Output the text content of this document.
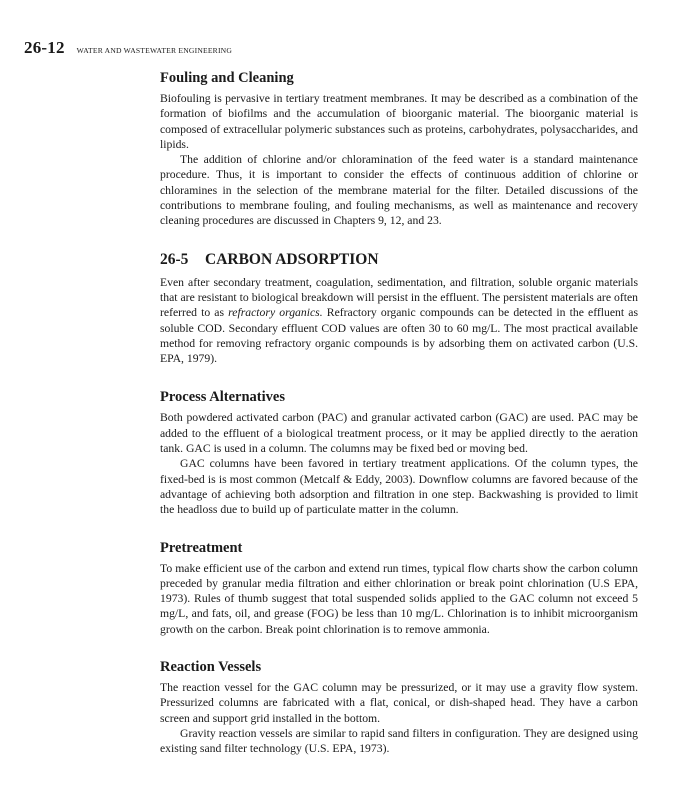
26-12 WATER AND WASTEWATER ENGINEERING
Fouling and Cleaning

Biofouling is pervasive in tertiary treatment membranes. It may be described as a combination of the formation of biofilms and the accumulation of bioorganic material. The bioorganic material is composed of extracellular polymeric substances such as proteins, carbohydrates, polysaccharides, and lipids.

The addition of chlorine and/or chloramination of the feed water is a standard maintenance procedure. Thus, it is important to consider the effects of continuous addition of chlorine or chloramines in the selection of the membrane material for the filter. Detailed discussions of the contributions to membrane fouling, and fouling mechanisms, as well as maintenance and recovery cleaning procedures are discussed in Chapters 9, 12, and 23.

26-5	CARBON ADSORPTION

Even after secondary treatment, coagulation, sedimentation, and filtration, soluble organic materials that are resistant to biological breakdown will persist in the effluent. The persistent materials are often referred to as refractory organics. Refractory organic compounds can be detected in the effluent as soluble COD. Secondary effluent COD values are often 30 to 60 mg/L. The most practical available method for removing refractory organic compounds is by adsorbing them on activated carbon (U.S. EPA, 1979).

Process Alternatives

Both powdered activated carbon (PAC) and granular activated carbon (GAC) are used. PAC may be added to the effluent of a biological treatment process, or it may be applied directly to the aeration tank. GAC is used in a column. The columns may be fixed bed or moving bed.

GAC columns have been favored in tertiary treatment applications. Of the column types, the fixed-bed is is most common (Metcalf & Eddy, 2003). Downflow columns are favored because of the advantage of achieving both adsorption and filtration in one step. Backwashing is provided to limit the headloss due to build up of particulate matter in the column.

Pretreatment

To make efficient use of the carbon and extend run times, typical flow charts show the carbon column preceded by granular media filtration and either chlorination or break point chlorination (U.S EPA, 1973). Rules of thumb suggest that total suspended solids applied to the GAC column not exceed 5 mg/L, and fats, oil, and grease (FOG) be less than 10 mg/L. Chlorination is to inhibit microorganism growth on the carbon. Break point chlorination is to remove ammonia.

Reaction Vessels

The reaction vessel for the GAC column may be pressurized, or it may use a gravity flow system. Pressurized columns are fabricated with a flat, conical, or dish-shaped head. They have a carbon screen and support grid installed in the bottom.

Gravity reaction vessels are similar to rapid sand filters in configuration. They are designed using existing sand filter technology (U.S. EPA, 1973).
